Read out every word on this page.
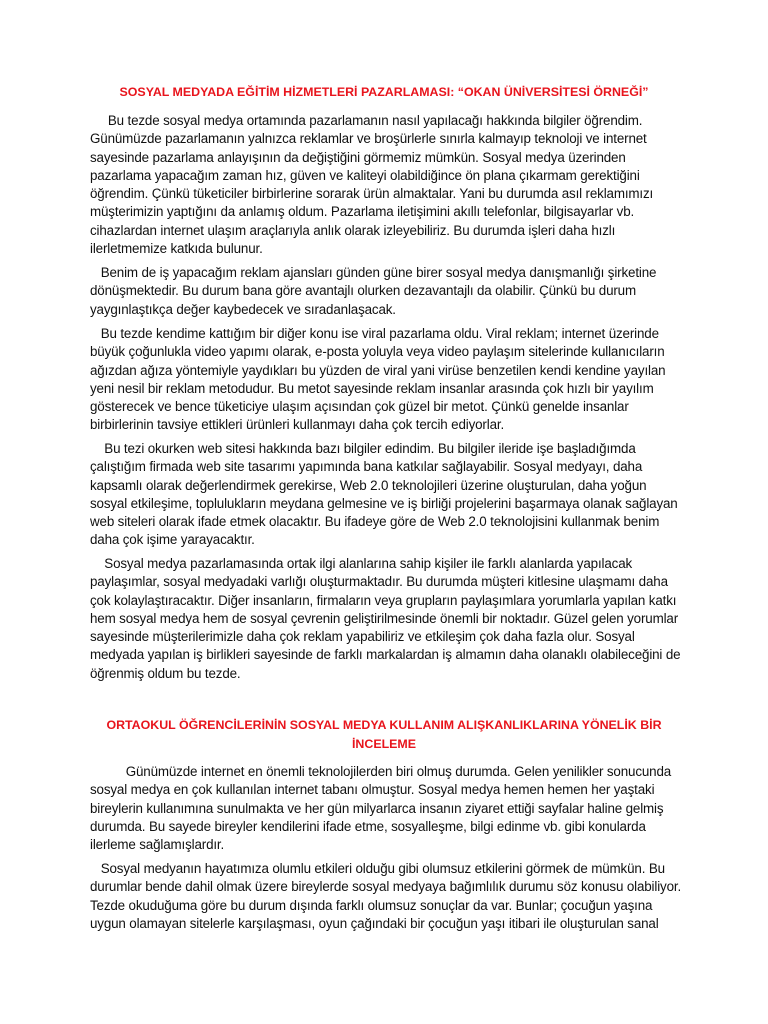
SOSYAL MEDYADA EĞİTİM HİZMETLERİ PAZARLAMASI: “OKAN ÜNİVERSİTESİ ÖRNEĞİ”
Bu tezde sosyal medya ortamında pazarlamanın nasıl yapılacağı hakkında bilgiler öğrendim.
Günümüzde pazarlamanın yalnızca reklamlar ve broşürlerle sınırla kalmayıp teknoloji ve internet
sayesinde pazarlama anlayışının da değiştiğini görmemiz mümkün. Sosyal medya üzerinden
pazarlama yapacağım zaman hız, güven ve kaliteyi olabildiğince ön plana çıkarmam gerektiğini
öğrendim. Çünkü tüketiciler birbirlerine sorarak ürün almaktalar. Yani bu durumda asıl reklamımızı
müşterimizin yaptığını da anlamış oldum. Pazarlama iletişimini akıllı telefonlar, bilgisayarlar vb.
cihazlardan internet ulaşım araçlarıyla anlık olarak izleyebiliriz. Bu durumda işleri daha hızlı
ilerletmemize katkıda bulunur.
Benim de iş yapacağım reklam ajansları günden güne birer sosyal medya danışmanlığı şirketine
dönüşmektedir. Bu durum bana göre avantajlı olurken dezavantajlı da olabilir. Çünkü bu durum
yaygınlaştıkça değer kaybedecek ve sıradanlaşacak.
Bu tezde kendime kattığım bir diğer konu ise viral pazarlama oldu. Viral reklam; internet üzerinde
büyük çoğunlukla video yapımı olarak, e-posta yoluyla veya video paylaşım sitelerinde kullanıcıların
ağızdan ağıza yöntemiyle yaydıkları bu yüzden de viral yani virüse benzetilen kendi kendine yayılan
yeni nesil bir reklam metodudur. Bu metot sayesinde reklam insanlar arasında çok hızlı bir yayılım
gösterecek ve bence tüketiciye ulaşım açısından çok güzel bir metot. Çünkü genelde insanlar
birbirlerinin tavsiye ettikleri ürünleri kullanmayı daha çok tercih ediyorlar.
Bu tezi okurken web sitesi hakkında bazı bilgiler edindim. Bu bilgiler ileride işe başladığımda
çalıştığım firmada web site tasarımı yapımında bana katkılar sağlayabilir. Sosyal medyayı, daha
kapsamlı olarak değerlendirmek gerekirse, Web 2.0 teknolojileri üzerine oluşturulan, daha yoğun
sosyal etkileşime, toplulukların meydana gelmesine ve iş birliği projelerini başarmaya olanak sağlayan
web siteleri olarak ifade etmek olacaktır. Bu ifadeye göre de Web 2.0 teknolojisini kullanmak benim
daha çok işime yarayacaktır.
Sosyal medya pazarlamasında ortak ilgi alanlarına sahip kişiler ile farklı alanlarda yapılacak
paylaşımlar, sosyal medyadaki varlığı oluşturmaktadır. Bu durumda müşteri kitlesine ulaşmamı daha
çok kolaylaştıracaktır. Diğer insanların, firmaların veya grupların paylaşımlara yorumlarla yapılan katkı
hem sosyal medya hem de sosyal çevrenin geliştirilmesinde önemli bir noktadır. Güzel gelen yorumlar
sayesinde müşterilerimizle daha çok reklam yapabiliriz ve etkileşim çok daha fazla olur. Sosyal
medyada yapılan iş birlikleri sayesinde de farklı markalardan iş almamın daha olanaklı olabileceğini de
öğrenmiş oldum bu tezde.
ORTAOKUL ÖĞRENCİLERİNİN SOSYAL MEDYA KULLANIM ALIŞKANLIKLARINA YÖNELİK BİR
İNCELEME
Günümüzde internet en önemli teknolojilerden biri olmuş durumda. Gelen yenilikler sonucunda
sosyal medya en çok kullanılan internet tabanı olmuştur. Sosyal medya hemen hemen her yaştaki
bireylerin kullanımına sunulmakta ve her gün milyarlarca insanın ziyaret ettiği sayfalar haline gelmiş
durumda. Bu sayede bireyler kendilerini ifade etme, sosyalleşme, bilgi edinme vb. gibi konularda
ilerleme sağlamışlardır.
Sosyal medyanın hayatımıza olumlu etkileri olduğu gibi olumsuz etkilerini görmek de mümkün. Bu
durumlar bende dahil olmak üzere bireylerde sosyal medyaya bağımlılık durumu söz konusu olabiliyor.
Tezde okuduğuma göre bu durum dışında farklı olumsuz sonuçlar da var. Bunlar; çocuğun yaşına
uygun olamayan sitelerle karşılaşması, oyun çağındaki bir çocuğun yaşı itibari ile oluşturulan sanal
